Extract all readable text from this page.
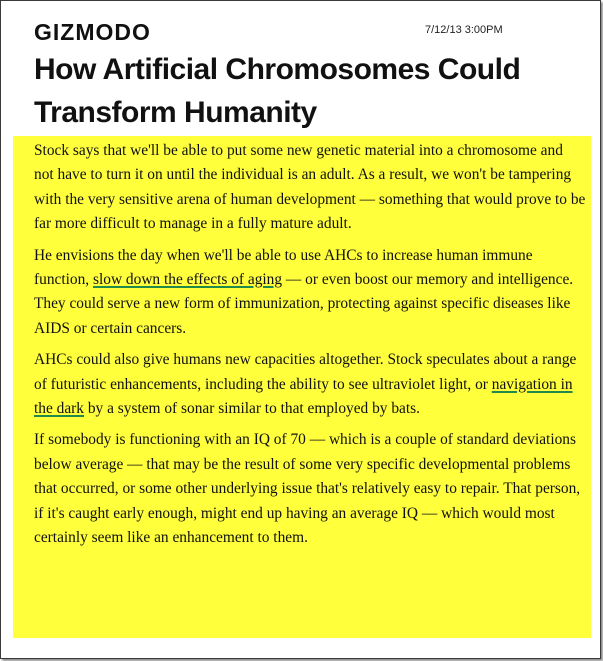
GIZMODO	7/12/13 3:00PM
How Artificial Chromosomes Could Transform Humanity

Stock says that we'll be able to put some new genetic material into a chromosome and not have to turn it on until the individual is an adult. As a result, we won't be tampering with the very sensitive arena of human development — something that would prove to be far more difficult to manage in a fully mature adult.

He envisions the day when we'll be able to use AHCs to increase human immune function, slow down the effects of aging — or even boost our memory and intelligence. They could serve a new form of immunization, protecting against specific diseases like AIDS or certain cancers.

AHCs could also give humans new capacities altogether. Stock speculates about a range of futuristic enhancements, including the ability to see ultraviolet light, or navigation in the dark by a system of sonar similar to that employed by bats.

If somebody is functioning with an IQ of 70 — which is a couple of standard deviations below average — that may be the result of some very specific developmental problems that occurred, or some other underlying issue that's relatively easy to repair. That person, if it's caught early enough, might end up having an average IQ — which would most certainly seem like an enhancement to them.
